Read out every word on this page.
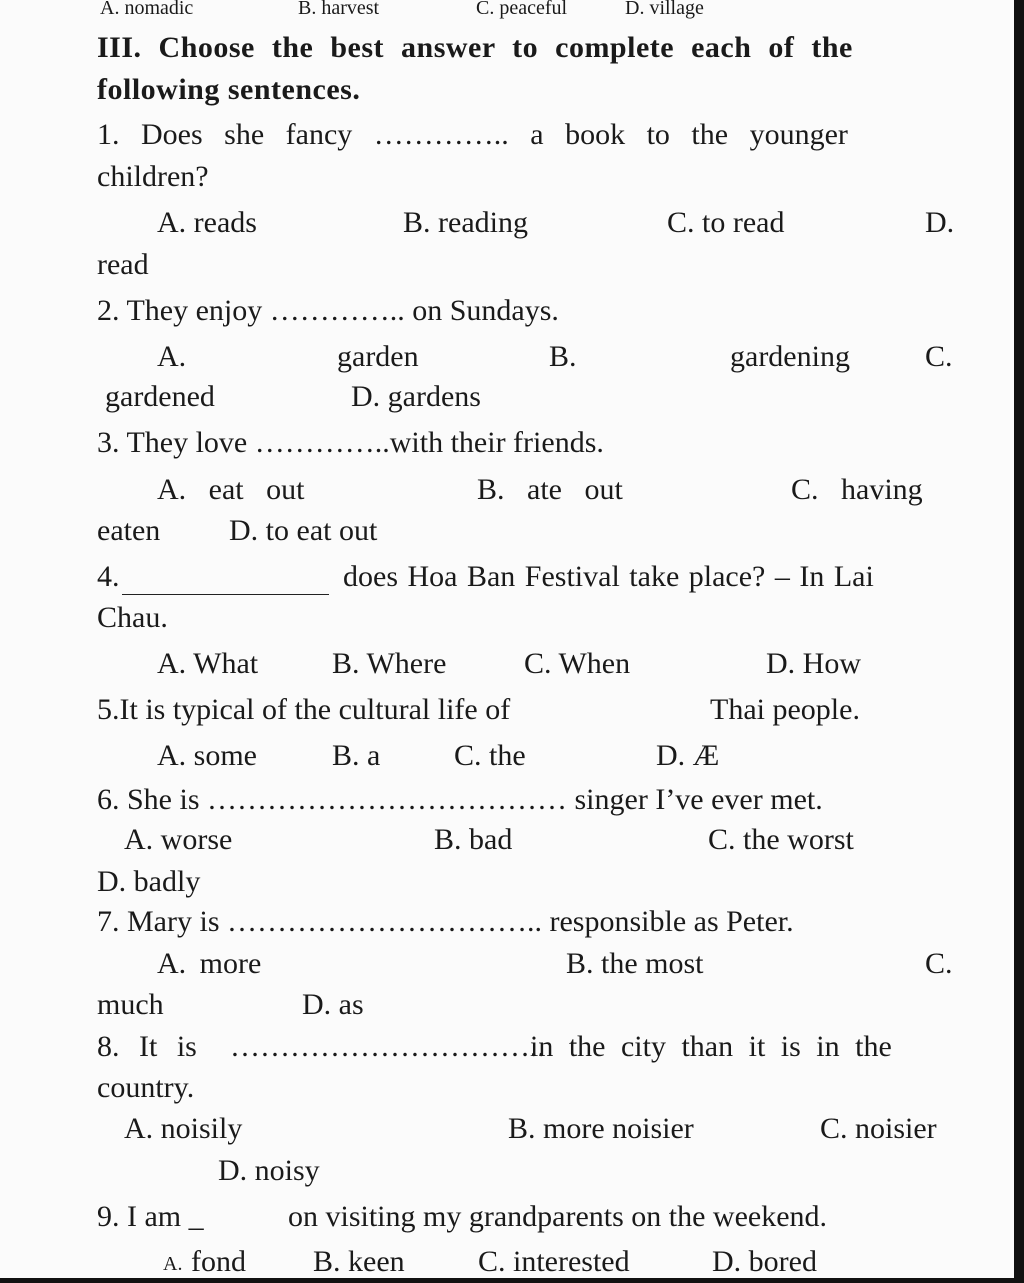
A. nomadic	B. harvest	C. peaceful	D. village
III. Choose the best answer to complete each of the
following sentences.
1. Does she fancy ………….. a book to the younger
children?
A. reads	B. reading	C. to read	D.
read
2. They enjoy ………….. on Sundays.
A.	garden	B.	gardening	C.
gardened	D. gardens
3. They love …………..with their friends.
A.   eat   out	B.   ate   out	C.   having
eaten D. to eat out
4.	does Hoa Ban Festival take place? – In Lai
Chau.
A. What B. Where	C. When	D. How
5.It is typical of the cultural life of	Thai people.
A. some	B. a C. the	D. Æ
6. She is ……………………………… singer I’ve ever met.
A. worse	B. bad	C. the worst
D. badly
7. Mary is ………………………….. responsible as Peter.
A. more	B. the most	C.
much	D. as
8. It is …………………………..
in the city than it is in the
country.
A. noisily	B. more noisier	C. noisier
D. noisy
9. I am _	on visiting my grandparents on the weekend.
A. fond B. keen C. interested	D. bored
